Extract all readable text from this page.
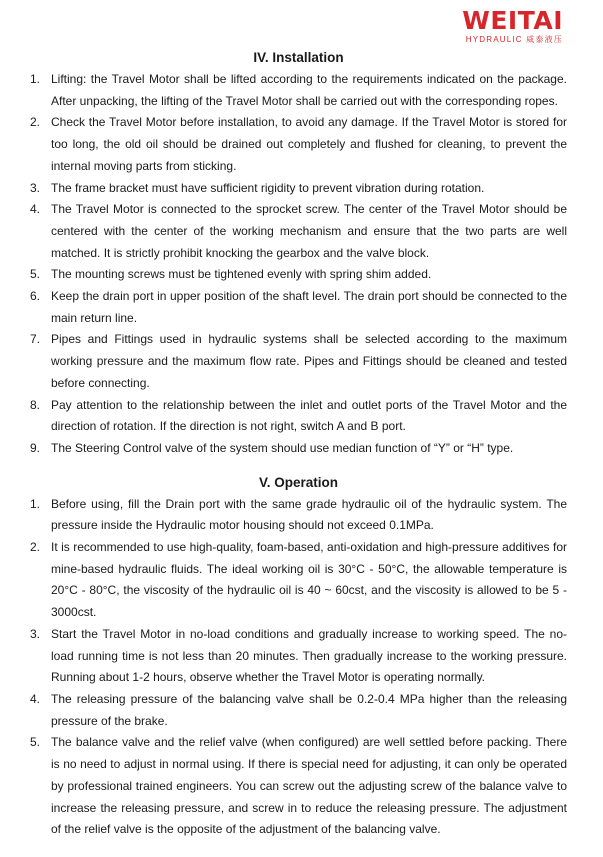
WEITAI
HYDRAULIC 威泰液压
IV. Installation
1. Lifting: the Travel Motor shall be lifted according to the requirements indicated on the package. After unpacking, the lifting of the Travel Motor shall be carried out with the corresponding ropes.
2. Check the Travel Motor before installation, to avoid any damage. If the Travel Motor is stored for too long, the old oil should be drained out completely and flushed for cleaning, to prevent the internal moving parts from sticking.
3. The frame bracket must have sufficient rigidity to prevent vibration during rotation.
4. The Travel Motor is connected to the sprocket screw. The center of the Travel Motor should be centered with the center of the working mechanism and ensure that the two parts are well matched. It is strictly prohibit knocking the gearbox and the valve block.
5. The mounting screws must be tightened evenly with spring shim added.
6. Keep the drain port in upper position of the shaft level. The drain port should be connected to the main return line.
7. Pipes and Fittings used in hydraulic systems shall be selected according to the maximum working pressure and the maximum flow rate. Pipes and Fittings should be cleaned and tested before connecting.
8. Pay attention to the relationship between the inlet and outlet ports of the Travel Motor and the direction of rotation. If the direction is not right, switch A and B port.
9. The Steering Control valve of the system should use median function of “Y” or “H” type.
V. Operation
1. Before using, fill the Drain port with the same grade hydraulic oil of the hydraulic system. The pressure inside the Hydraulic motor housing should not exceed 0.1MPa.
2. It is recommended to use high-quality, foam-based, anti-oxidation and high-pressure additives for mine-based hydraulic fluids. The ideal working oil is 30°C - 50°C, the allowable temperature is 20°C - 80°C, the viscosity of the hydraulic oil is 40 ~ 60cst, and the viscosity is allowed to be 5 - 3000cst.
3. Start the Travel Motor in no-load conditions and gradually increase to working speed. The no-load running time is not less than 20 minutes. Then gradually increase to the working pressure. Running about 1-2 hours, observe whether the Travel Motor is operating normally.
4. The releasing pressure of the balancing valve shall be 0.2-0.4 MPa higher than the releasing pressure of the brake.
5. The balance valve and the relief valve (when configured) are well settled before packing. There is no need to adjust in normal using. If there is special need for adjusting, it can only be operated by professional trained engineers. You can screw out the adjusting screw of the balance valve to increase the releasing pressure, and screw in to reduce the releasing pressure. The adjustment of the relief valve is the opposite of the adjustment of the balancing valve.
